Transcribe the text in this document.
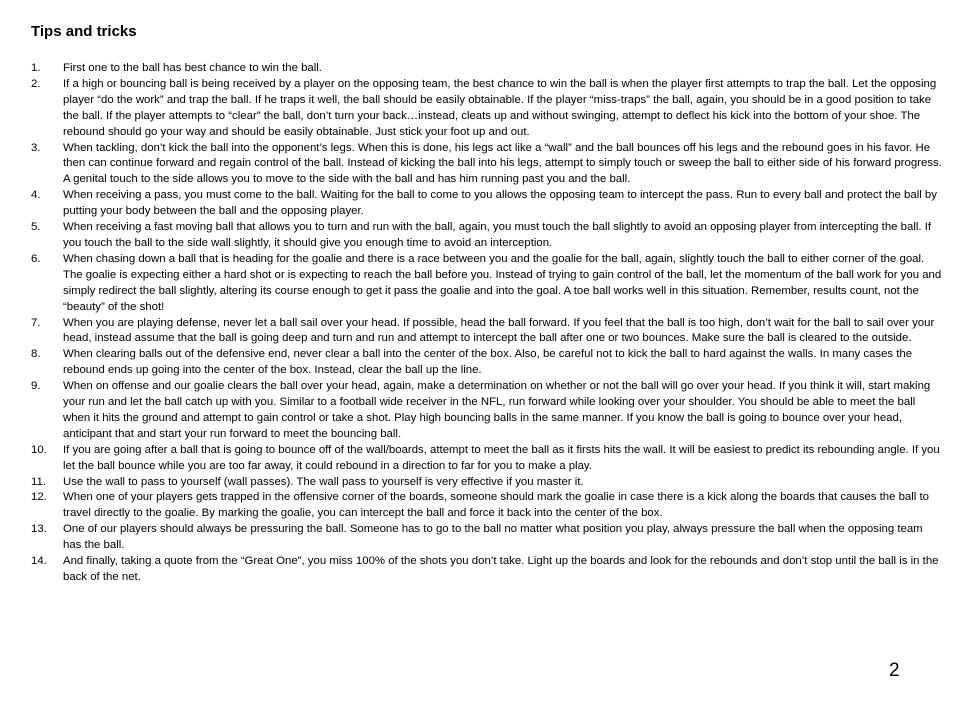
Tips and tricks
1.	First one to the ball has best chance to win the ball.
2.	If a high or bouncing ball is being received by a player on the opposing team, the best chance to win the ball is when the player first attempts to trap the ball. Let the opposing player “do the work” and trap the ball. If he traps it well, the ball should be easily obtainable. If the player “miss-traps” the ball, again, you should be in a good position to take the ball. If the player attempts to “clear” the ball, don’t turn your back…instead, cleats up and without swinging, attempt to deflect his kick into the bottom of your shoe. The rebound should go your way and should be easily obtainable. Just stick your foot up and out.
3.	When tackling, don’t kick the ball into the opponent’s legs. When this is done, his legs act like a “wall” and the ball bounces off his legs and the rebound goes in his favor. He then can continue forward and regain control of the ball. Instead of kicking the ball into his legs, attempt to simply touch or sweep the ball to either side of his forward progress. A genital touch to the side allows you to move to the side with the ball and has him running past you and the ball.
4.	When receiving a pass, you must come to the ball. Waiting for the ball to come to you allows the opposing team to intercept the pass. Run to every ball and protect the ball by putting your body between the ball and the opposing player.
5.	When receiving a fast moving ball that allows you to turn and run with the ball, again, you must touch the ball slightly to avoid an opposing player from intercepting the ball. If you touch the ball to the side wall slightly, it should give you enough time to avoid an interception.
6.	When chasing down a ball that is heading for the goalie and there is a race between you and the goalie for the ball, again, slightly touch the ball to either corner of the goal. The goalie is expecting either a hard shot or is expecting to reach the ball before you. Instead of trying to gain control of the ball, let the momentum of the ball work for you and simply redirect the ball slightly, altering its course enough to get it pass the goalie and into the goal. A toe ball works well in this situation. Remember, results count, not the “beauty” of the shot!
7.	When you are playing defense, never let a ball sail over your head. If possible, head the ball forward. If you feel that the ball is too high, don’t wait for the ball to sail over your head, instead assume that the ball is going deep and turn and run and attempt to intercept the ball after one or two bounces. Make sure the ball is cleared to the outside.
8.	When clearing balls out of the defensive end, never clear a ball into the center of the box. Also, be careful not to kick the ball to hard against the walls. In many cases the rebound ends up going into the center of the box. Instead, clear the ball up the line.
9.	When on offense and our goalie clears the ball over your head, again, make a determination on whether or not the ball will go over your head. If you think it will, start making your run and let the ball catch up with you. Similar to a football wide receiver in the NFL, run forward while looking over your shoulder. You should be able to meet the ball when it hits the ground and attempt to gain control or take a shot. Play high bouncing balls in the same manner. If you know the ball is going to bounce over your head, anticipant that and start your run forward to meet the bouncing ball.
10.	If you are going after a ball that is going to bounce off of the wall/boards, attempt to meet the ball as it firsts hits the wall. It will be easiest to predict its rebounding angle. If you let the ball bounce while you are too far away, it could rebound in a direction to far for you to make a play.
11.	Use the wall to pass to yourself (wall passes). The wall pass to yourself is very effective if you master it.
12.	When one of your players gets trapped in the offensive corner of the boards, someone should mark the goalie in case there is a kick along the boards that causes the ball to travel directly to the goalie. By marking the goalie, you can intercept the ball and force it back into the center of the box.
13.	One of our players should always be pressuring the ball. Someone has to go to the ball no matter what position you play, always pressure the ball when the opposing team has the ball.
14.	And finally, taking a quote from the “Great One”, you miss 100% of the shots you don’t take. Light up the boards and look for the rebounds and don’t stop until the ball is in the back of the net.
2
